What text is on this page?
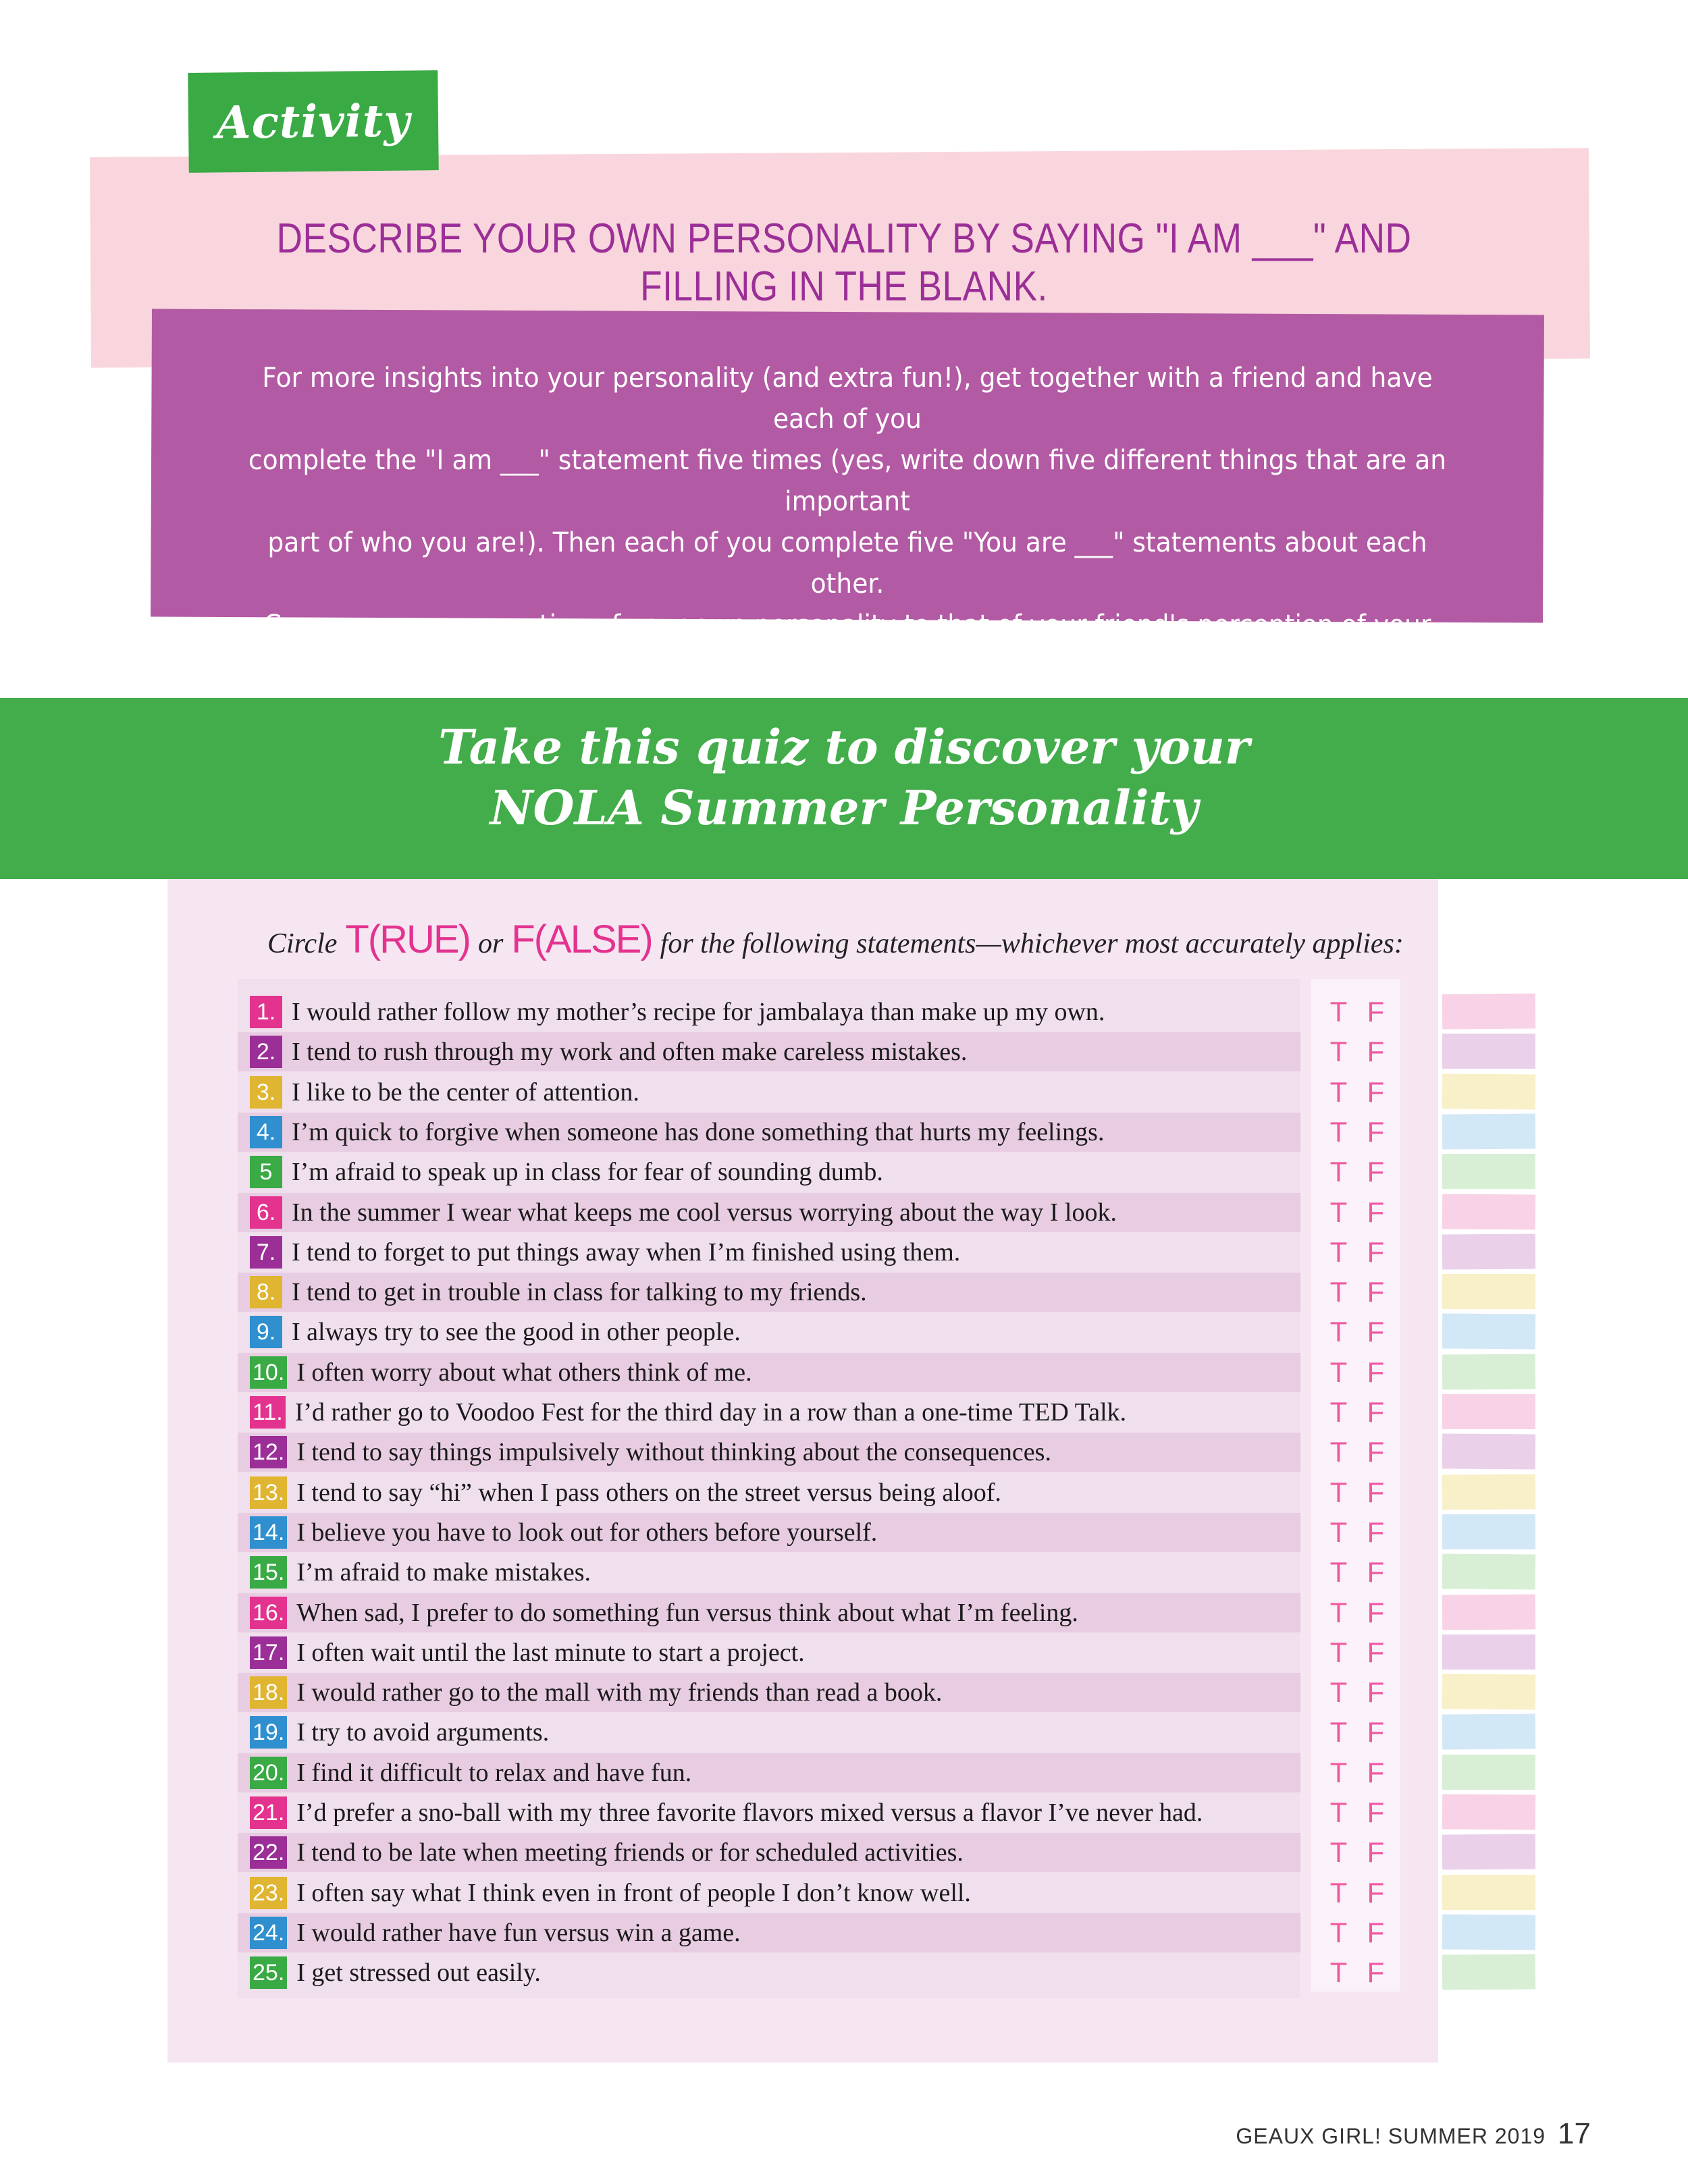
Activity
DESCRIBE YOUR OWN PERSONALITY BY SAYING "I AM ___" AND FILLING IN THE BLANK.
For more insights into your personality (and extra fun!), get together with a friend and have each of you
complete the "I am ___" statement five times (yes, write down five different things that are an important
part of who you are!). Then each of you complete five "You are ___" statements about each other.
Compare your perception of your own personality to that of your friend's perception of your personality.
Take this quiz to discover your
NOLA Summer Personality
Circle T(RUE) or F(ALSE) for the following statements—whichever most accurately applies:
1. I would rather follow my mother’s recipe for jambalaya than make up my own.	T F
2. I tend to rush through my work and often make careless mistakes.	T F
3. I like to be the center of attention.	T F
4. I’m quick to forgive when someone has done something that hurts my feelings.	T F
5 I’m afraid to speak up in class for fear of sounding dumb.	T F
6. In the summer I wear what keeps me cool versus worrying about the way I look.	T F
7. I tend to forget to put things away when I’m finished using them.	T F
8. I tend to get in trouble in class for talking to my friends.	T F
9. I always try to see the good in other people.	T F
10. I often worry about what others think of me.	T F
11. I’d rather go to Voodoo Fest for the third day in a row than a one-time TED Talk.	T F
12. I tend to say things impulsively without thinking about the consequences.	T F
13. I tend to say “hi” when I pass others on the street versus being aloof.	T F
14. I believe you have to look out for others before yourself.	T F
15. I’m afraid to make mistakes.	T F
16. When sad, I prefer to do something fun versus think about what I’m feeling.	T F
17. I often wait until the last minute to start a project.	T F
18. I would rather go to the mall with my friends than read a book.	T F
19. I try to avoid arguments.	T F
20. I find it difficult to relax and have fun.	T F
21. I’d prefer a sno-ball with my three favorite flavors mixed versus a flavor I’ve never had.	T F
22. I tend to be late when meeting friends or for scheduled activities.	T F
23. I often say what I think even in front of people I don’t know well.	T F
24. I would rather have fun versus win a game.	T F
25. I get stressed out easily.	T F
GEAUX GIRL! SUMMER 2019 17
